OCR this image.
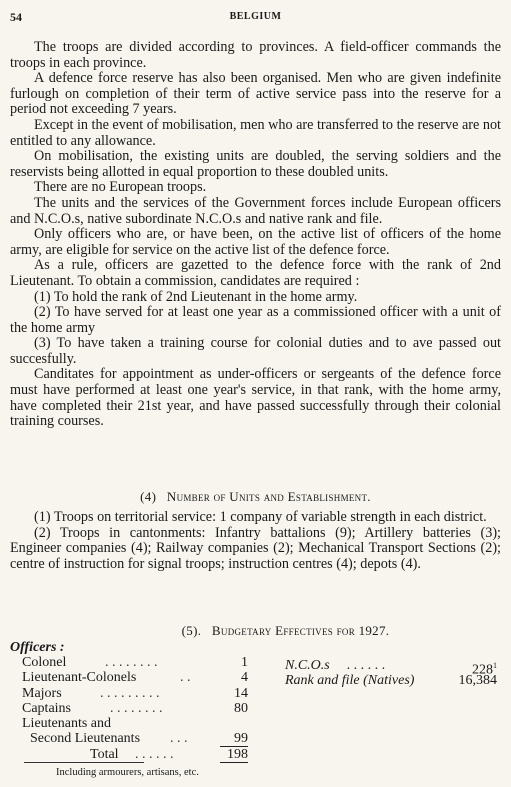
54	BELGIUM

The troops are divided according to provinces. A field-officer commands the troops in each province.

A defence force reserve has also been organised. Men who are given indefinite furlough on completion of their term of active service pass into the reserve for a period not exceeding 7 years.

Except in the event of mobilisation, men who are transferred to the reserve are not entitled to any allowance.

On mobilisation, the existing units are doubled, the serving soldiers and the reservists being allotted in equal proportion to these doubled units.

There are no European troops.

The units and the services of the Government forces include European officers and N.C.O.s, native subordinate N.C.O.s and native rank and file.

Only officers who are, or have been, on the active list of officers of the home army, are eligible for service on the active list of the defence force.

As a rule, officers are gazetted to the defence force with the rank of 2nd Lieutenant. To obtain a commission, candidates are required :

(1) To hold the rank of 2nd Lieutenant in the home army.

(2) To have served for at least one year as a commissioned officer with a unit of the home army

(3) To have taken a training course for colonial duties and to ave passed out succesfully.

Canditates for appointment as under-officers or sergeants of the defence force must have performed at least one year's service, in that rank, with the home army, have completed their 21st year, and have passed successfully through their colonial training courses.

(4) Number of Units and Establishment.

(1) Troops on territorial service: 1 company of variable strength in each district.

(2) Troops in cantonments: Infantry battalions (9); Artillery batteries (3); Engineer companies (4); Railway companies (2); Mechanical Transport Sections (2); centre of instruction for signal troops; instruction centres (4); depots (4).

(5). Budgetary Effectives for 1927.
Officers :
Colonel	. . . . . . . .	1
Lieutenant-Colonels	. .	4
Majors	. . . . . . . . .	14
Captains	. . . . . . . .	80
Lieutenants and
Second Lieutenants . . .	99
Total . . . . . .	198
N.C.O.s . . . . . .	$228^1$
Rank and file (Natives)	16,384
Including armourers, artisans, etc.
